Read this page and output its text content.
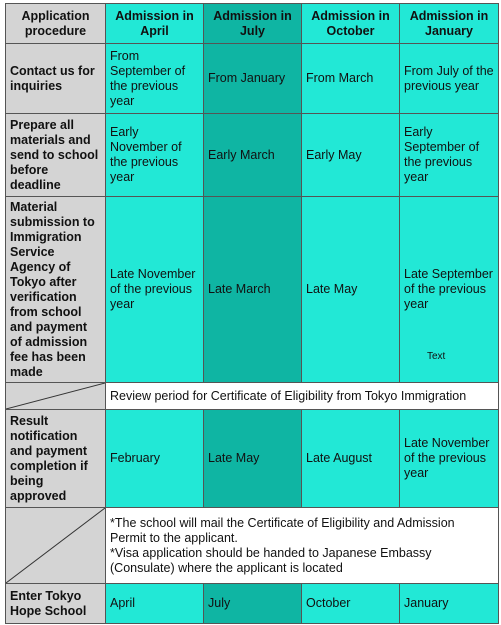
Application procedure	Admission in April	Admission in July	Admission in October	Admission in January
Contact us for inquiries	From September of the previous year	From January	From March	From July of the previous year
Prepare all materials and send to school before deadline	Early November of the previous year	Early March	Early May	Early September of the previous year
Material submission to Immigration Service Agency of Tokyo after verification from school and payment of admission fee has been made	Late November of the previous year	Late March	Late May	Late September of the previous year
Text

	Review period for Certificate of Eligibility from Tokyo Immigration			
Result notification and payment completion if being approved	February	Late May	Late August	Late November of the previous year

*The school will mail the Certificate of Eligibility and Admission Permit to the applicant.
*Visa application should be handed to Japanese Embassy (Consulate) where the applicant is located			

Enter Tokyo Hope School	April	July	October	January
